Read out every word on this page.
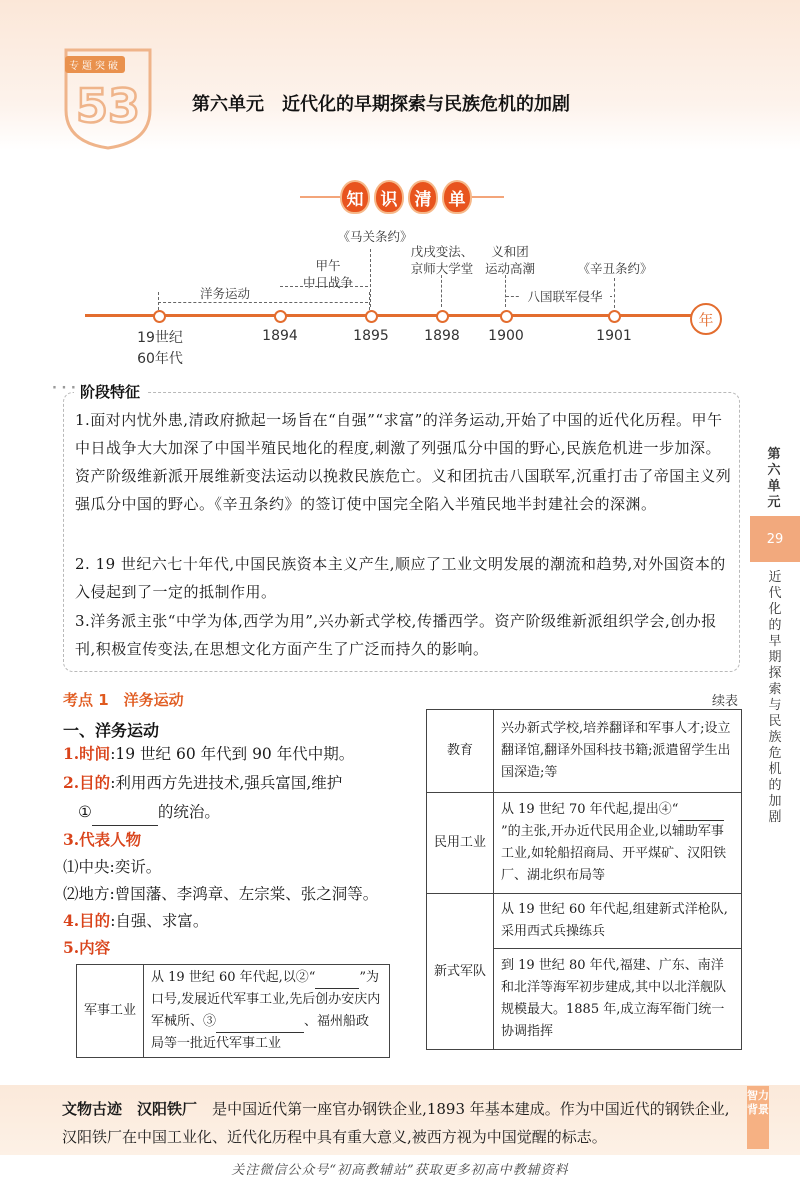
53
专题突破
第六单元　近代化的早期探索与民族危机的加剧
知	识	清	单
年
19世纪
60年代
1894	1895	1898	1900	1901
洋务运动
甲午
中日战争
《马关条约》
戊戌变法、
京师大学堂
义和团
运动高潮
八国联军侵华
《辛丑条约》
· · · 阶段特征
1.面对内忧外患,清政府掀起一场旨在“自强”“求富”的洋务运动,开始了中国的近代化历程。甲午中日战争大大加深了中国半殖民地化的程度,刺激了列强瓜分中国的野心,民族危机进一步加深。资产阶级维新派开展维新变法运动以挽救民族危亡。义和团抗击八国联军,沉重打击了帝国主义列强瓜分中国的野心。《辛丑条约》的签订使中国完全陷入半殖民地半封建社会的深渊。
2. 19 世纪六七十年代,中国民族资本主义产生,顺应了工业文明发展的潮流和趋势,对外国资本的入侵起到了一定的抵制作用。
3.洋务派主张“中学为体,西学为用”,兴办新式学校,传播西学。资产阶级维新派组织学会,创办报刊,积极宣传变法,在思想文化方面产生了广泛而持久的影响。
第六单元
29
近代化的早期探索与民族危机的加剧
考点 1　洋务运动
一、洋务运动
1.时间:19 世纪 60 年代到 90 年代中期。
2.目的:利用西方先进技术,强兵富国,维护
①	的统治。
3.代表人物
⑴中央:奕䜣。
⑵地方:曾国藩、李鸿章、左宗棠、张之洞等。
4.目的:自强、求富。
5.内容
军事工业	从 19 世纪 60 年代起,以②“	”为口号,发展近代军事工业,先后创办安庆内军械所、③	、福州船政局等一批近代军事工业
续表
教育	兴办新式学校,培养翻译和军事人才;设立翻译馆,翻译外国科技书籍;派遣留学生出国深造;等
民用工业	从 19 世纪 70 年代起,提出④“”的主张,开办近代民用企业,以辅助军事工业,如轮船招商局、开平煤矿、汉阳铁厂、湖北织布局等
新式军队	从 19 世纪 60 年代起,组建新式洋枪队,采用西式兵操练兵
	到 19 世纪 80 年代,福建、广东、南洋和北洋等海军初步建成,其中以北洋舰队规模最大。1885 年,成立海军衙门统一协调指挥
文物古迹　 汉阳铁厂　 是中国近代第一座官办钢铁企业,1893 年基本建成。作为中国近代的钢铁企业,汉阳铁厂在中国工业化、近代化历程中具有重大意义,被西方视为中国觉醒的标志。
智力背景
关注微信公众号“初高教辅站”获取更多初高中教辅资料
